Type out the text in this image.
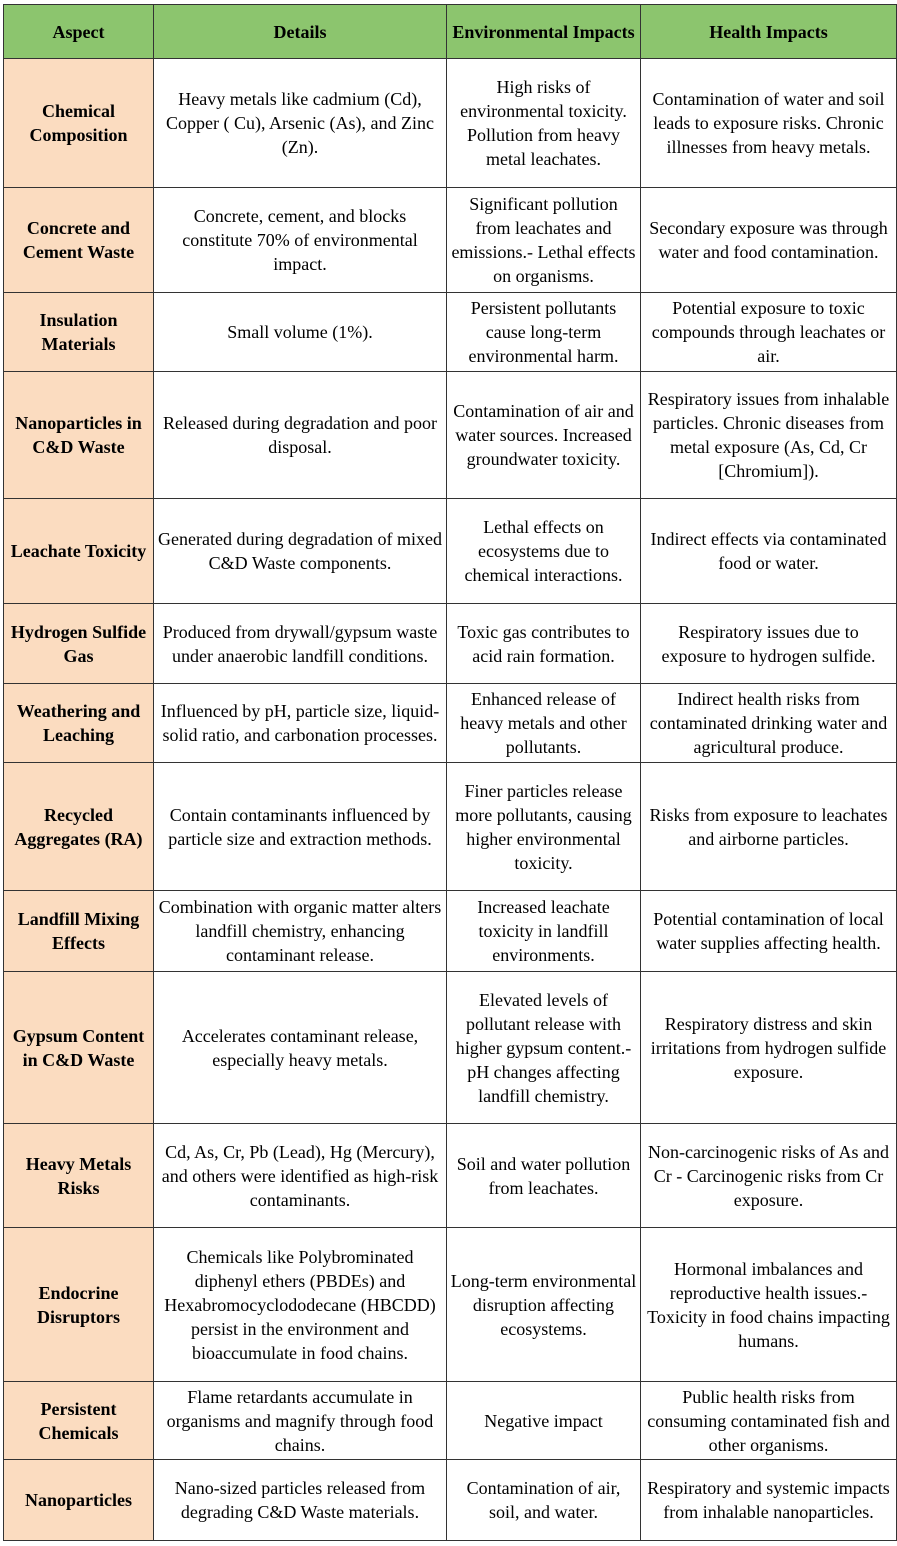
Aspect	Details	Environmental Impacts	Health Impacts
Chemical Composition	Heavy metals like cadmium (Cd), Copper ( Cu), Arsenic (As), and Zinc (Zn).	High risks of environmental toxicity. Pollution from heavy metal leachates.	Contamination of water and soil leads to exposure risks. Chronic illnesses from heavy metals.
Concrete and Cement Waste	Concrete, cement, and blocks constitute 70% of environmental impact.	Significant pollution from leachates and emissions.- Lethal effects on organisms.	Secondary exposure was through water and food contamination.
Insulation Materials	Small volume (1%).	Persistent pollutants cause long-term environmental harm.	Potential exposure to toxic compounds through leachates or air.
Nanoparticles in C&D Waste	Released during degradation and poor disposal.	Contamination of air and water sources. Increased groundwater toxicity.	Respiratory issues from inhalable particles. Chronic diseases from metal exposure (As, Cd, Cr [Chromium]).
Leachate Toxicity	Generated during degradation of mixed C&D Waste components.	Lethal effects on ecosystems due to chemical interactions.	Indirect effects via contaminated food or water.
Hydrogen Sulfide Gas	Produced from drywall/gypsum waste under anaerobic landfill conditions.	Toxic gas contributes to acid rain formation.	Respiratory issues due to exposure to hydrogen sulfide.
Weathering and Leaching	Influenced by pH, particle size, liquid-solid ratio, and carbonation processes.	Enhanced release of heavy metals and other pollutants.	Indirect health risks from contaminated drinking water and agricultural produce.
Recycled Aggregates (RA)	Contain contaminants influenced by particle size and extraction methods.	Finer particles release more pollutants, causing higher environmental toxicity.	Risks from exposure to leachates and airborne particles.
Landfill Mixing Effects	Combination with organic matter alters landfill chemistry, enhancing contaminant release.	Increased leachate toxicity in landfill environments.	Potential contamination of local water supplies affecting health.
Gypsum Content in C&D Waste	Accelerates contaminant release, especially heavy metals.	Elevated levels of pollutant release with higher gypsum content.- pH changes affecting landfill chemistry.	Respiratory distress and skin irritations from hydrogen sulfide exposure.
Heavy Metals Risks	Cd, As, Cr, Pb (Lead), Hg (Mercury), and others were identified as high-risk contaminants.	Soil and water pollution from leachates.	Non-carcinogenic risks of As and Cr - Carcinogenic risks from Cr exposure.
Endocrine Disruptors	Chemicals like Polybrominated diphenyl ethers (PBDEs) and Hexabromocyclododecane (HBCDD) persist in the environment and bioaccumulate in food chains.	Long-term environmental disruption affecting ecosystems.	Hormonal imbalances and reproductive health issues.- Toxicity in food chains impacting humans.
Persistent Chemicals	Flame retardants accumulate in organisms and magnify through food chains.	Negative impact	Public health risks from consuming contaminated fish and other organisms.
Nanoparticles	Nano-sized particles released from degrading C&D Waste materials.	Contamination of air, soil, and water.	Respiratory and systemic impacts from inhalable nanoparticles.
